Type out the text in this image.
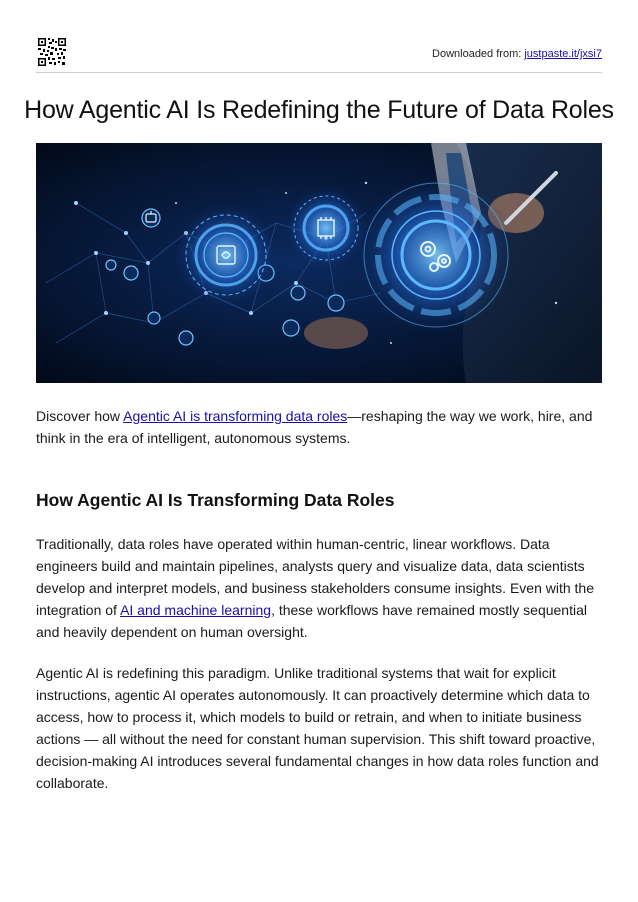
Downloaded from: justpaste.it/jxsi7
How Agentic AI Is Redefining the Future of Data Roles

Discover how Agentic AI is transforming data roles—reshaping the way we work, hire, and think in the era of intelligent, autonomous systems.

How Agentic AI Is Transforming Data Roles

Traditionally, data roles have operated within human-centric, linear workflows. Data engineers build and maintain pipelines, analysts query and visualize data, data scientists develop and interpret models, and business stakeholders consume insights. Even with the integration of AI and machine learning, these workflows have remained mostly sequential and heavily dependent on human oversight.

Agentic AI is redefining this paradigm. Unlike traditional systems that wait for explicit instructions, agentic AI operates autonomously. It can proactively determine which data to access, how to process it, which models to build or retrain, and when to initiate business actions — all without the need for constant human supervision. This shift toward proactive, decision-making AI introduces several fundamental changes in how data roles function and collaborate.
